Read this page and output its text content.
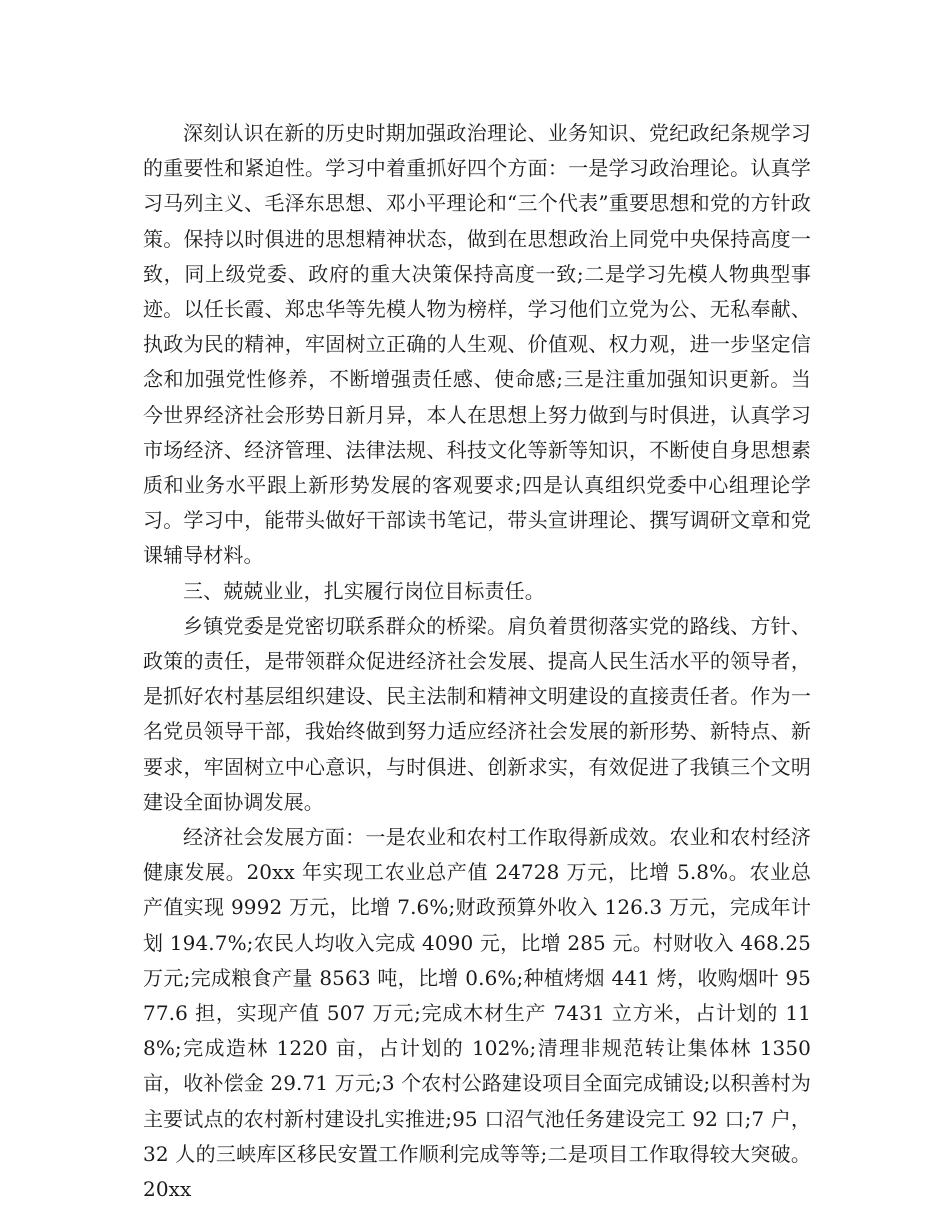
深刻认识在新的历史时期加强政治理论、业务知识、党纪政纪条规学习的重要性和紧迫性。学习中着重抓好四个方面：一是学习政治理论。认真学习马列主义、毛泽东思想、邓小平理论和“三个代表”重要思想和党的方针政策。保持以时俱进的思想精神状态，做到在思想政治上同党中央保持高度一致，同上级党委、政府的重大决策保持高度一致;二是学习先模人物典型事迹。以任长霞、郑忠华等先模人物为榜样，学习他们立党为公、无私奉献、执政为民的精神，牢固树立正确的人生观、价值观、权力观，进一步坚定信念和加强党性修养，不断增强责任感、使命感;三是注重加强知识更新。当今世界经济社会形势日新月异，本人在思想上努力做到与时俱进，认真学习市场经济、经济管理、法律法规、科技文化等新等知识，不断使自身思想素质和业务水平跟上新形势发展的客观要求;四是认真组织党委中心组理论学习。学习中，能带头做好干部读书笔记，带头宣讲理论、撰写调研文章和党课辅导材料。

三、兢兢业业，扎实履行岗位目标责任。

乡镇党委是党密切联系群众的桥梁。肩负着贯彻落实党的路线、方针、政策的责任，是带领群众促进经济社会发展、提高人民生活水平的领导者，是抓好农村基层组织建设、民主法制和精神文明建设的直接责任者。作为一名党员领导干部，我始终做到努力适应经济社会发展的新形势、新特点、新要求，牢固树立中心意识，与时俱进、创新求实，有效促进了我镇三个文明建设全面协调发展。

经济社会发展方面：一是农业和农村工作取得新成效。农业和农村经济健康发展。20xx 年实现工农业总产值 24728 万元，比增 5.8%。农业总产值实现 9992 万元，比增 7.6%;财政预算外收入 126.3 万元，完成年计划 194.7%;农民人均收入完成 4090 元，比增 285 元。村财收入 468.25 万元;完成粮食产量 8563 吨，比增 0.6%;种植烤烟 441 烤，收购烟叶 9577.6 担，实现产值 507 万元;完成木材生产 7431 立方米，占计划的 118%;完成造林 1220 亩，占计划的 102%;清理非规范转让集体林 1350 亩，收补偿金 29.71 万元;3 个农村公路建设项目全面完成铺设;以积善村为主要试点的农村新村建设扎实推进;95 口沼气池任务建设完工 92 口;7 户，32 人的三峡库区移民安置工作顺利完成等等;二是项目工作取得较大突破。20xx
